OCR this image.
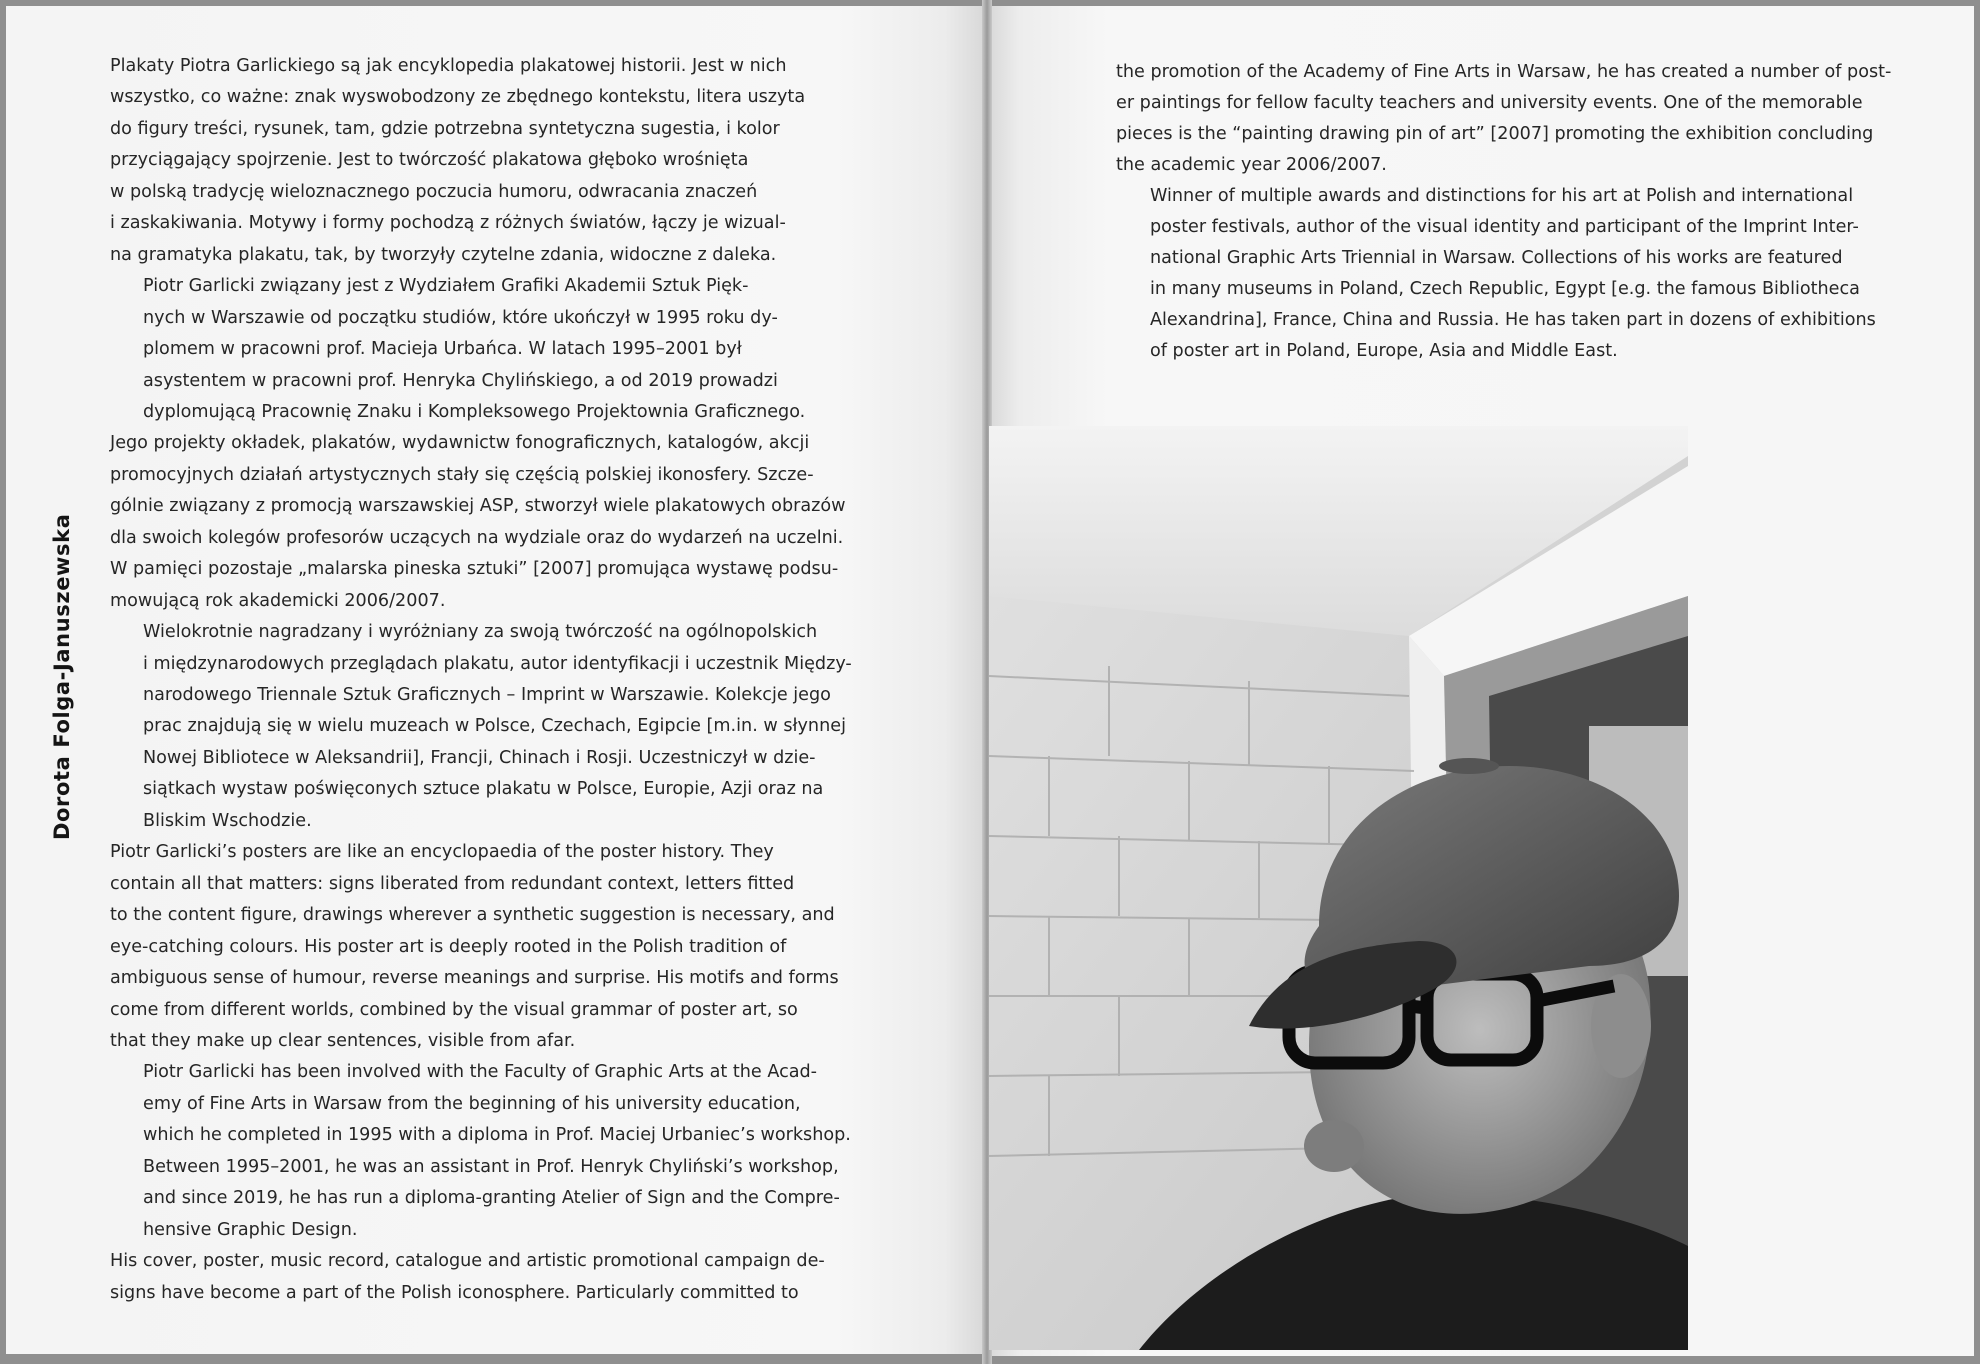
Dorota Folga-Januszewska
Plakaty Piotra Garlickiego są jak encyklopedia plakatowej historii. Jest w nich
wszystko, co ważne: znak wyswobodzony ze zbędnego kontekstu, litera uszyta
do figury treści, rysunek, tam, gdzie potrzebna syntetyczna sugestia, i kolor
przyciągający spojrzenie. Jest to twórczość plakatowa głęboko wrośnięta
w polską tradycję wieloznacznego poczucia humoru, odwracania znaczeń
i zaskakiwania. Motywy i formy pochodzą z różnych światów, łączy je wizual-
na gramatyka plakatu, tak, by tworzyły czytelne zdania, widoczne z daleka.
Piotr Garlicki związany jest z Wydziałem Grafiki Akademii Sztuk Pięk-
nych w Warszawie od początku studiów, które ukończył w 1995 roku dy-
plomem w pracowni prof. Macieja Urbańca. W latach 1995–2001 był
asystentem w pracowni prof. Henryka Chylińskiego, a od 2019 prowadzi
dyplomującą Pracownię Znaku i Kompleksowego Projektownia Graficznego.
Jego projekty okładek, plakatów, wydawnictw fonograficznych, katalogów, akcji
promocyjnych działań artystycznych stały się częścią polskiej ikonosfery. Szcze-
gólnie związany z promocją warszawskiej ASP, stworzył wiele plakatowych obrazów
dla swoich kolegów profesorów uczących na wydziale oraz do wydarzeń na uczelni.
W pamięci pozostaje „malarska pineska sztuki” [2007] promująca wystawę podsu-
mowującą rok akademicki 2006/2007.
Wielokrotnie nagradzany i wyróżniany za swoją twórczość na ogólnopolskich
i międzynarodowych przeglądach plakatu, autor identyfikacji i uczestnik Między-
narodowego Triennale Sztuk Graficznych – Imprint w Warszawie. Kolekcje jego
prac znajdują się w wielu muzeach w Polsce, Czechach, Egipcie [m.in. w słynnej
Nowej Bibliotece w Aleksandrii], Francji, Chinach i Rosji. Uczestniczył w dzie-
siątkach wystaw poświęconych sztuce plakatu w Polsce, Europie, Azji oraz na
Bliskim Wschodzie.
Piotr Garlicki’s posters are like an encyclopaedia of the poster history. They
contain all that matters: signs liberated from redundant context, letters fitted
to the content figure, drawings wherever a synthetic suggestion is necessary, and
eye-catching colours. His poster art is deeply rooted in the Polish tradition of
ambiguous sense of humour, reverse meanings and surprise. His motifs and forms
come from different worlds, combined by the visual grammar of poster art, so
that they make up clear sentences, visible from afar.
Piotr Garlicki has been involved with the Faculty of Graphic Arts at the Acad-
emy of Fine Arts in Warsaw from the beginning of his university education,
which he completed in 1995 with a diploma in Prof. Maciej Urbaniec’s workshop.
Between 1995–2001, he was an assistant in Prof. Henryk Chyliński’s workshop,
and since 2019, he has run a diploma-granting Atelier of Sign and the Compre-
hensive Graphic Design.
His cover, poster, music record, catalogue and artistic promotional campaign de-
signs have become a part of the Polish iconosphere. Particularly committed to
the promotion of the Academy of Fine Arts in Warsaw, he has created a number of post-
er paintings for fellow faculty teachers and university events. One of the memorable
pieces is the “painting drawing pin of art” [2007] promoting the exhibition concluding
the academic year 2006/2007.
Winner of multiple awards and distinctions for his art at Polish and international
poster festivals, author of the visual identity and participant of the Imprint Inter-
national Graphic Arts Triennial in Warsaw. Collections of his works are featured
in many museums in Poland, Czech Republic, Egypt [e.g. the famous Bibliotheca
Alexandrina], France, China and Russia. He has taken part in dozens of exhibitions
of poster art in Poland, Europe, Asia and Middle East.
